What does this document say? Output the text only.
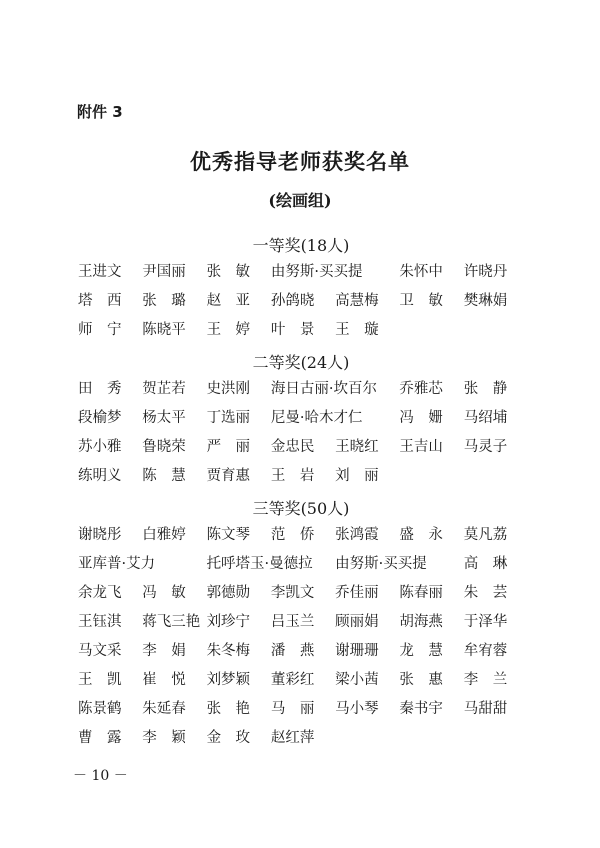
附件 3
优秀指导老师获奖名单
(绘画组)
一等奖(18人)
王进文	尹国丽	张　敏	由努斯·买买提	朱怀中	许晓丹
塔　西	张　璐	赵　亚	孙鸽晓	高慧梅	卫　敏	樊琳娟
师　宁	陈晓平	王　婷	叶　景	王　璇
二等奖(24人)
田　秀	贺芷若	史洪刚	海日古丽·坎百尔	乔雅芯	张　静
段榆梦	杨太平	丁选丽	尼曼·哈木才仁	冯　姗	马绍埔
苏小雅	鲁晓荣	严　丽	金忠民	王晓红	王吉山	马灵子
练明义	陈　慧	贾育惠	王　岩	刘　丽
三等奖(50人)
谢晓彤	白雅婷	陈文琴	范　侨	张鸿霞	盛　永	莫凡荔
亚库普·艾力	托呼塔玉·曼德拉	由努斯·买买提	高　琳
余龙飞	冯　敏	郭德勋	李凯文	乔佳丽	陈春丽	朱　芸
王钰淇	蒋飞三艳 刘珍宁	吕玉兰	顾丽娟	胡海燕	于泽华
马文采	李　娟	朱冬梅	潘　燕	谢珊珊	龙　慧	牟宥蓉
王　凯	崔　悦	刘梦颖	董彩红	梁小茜	张　惠	李　兰
陈景鹤	朱延春	张　艳	马　丽	马小琴	秦书宇	马甜甜
曹　露	李　颖	金　玫	赵红萍
－ 10 －
